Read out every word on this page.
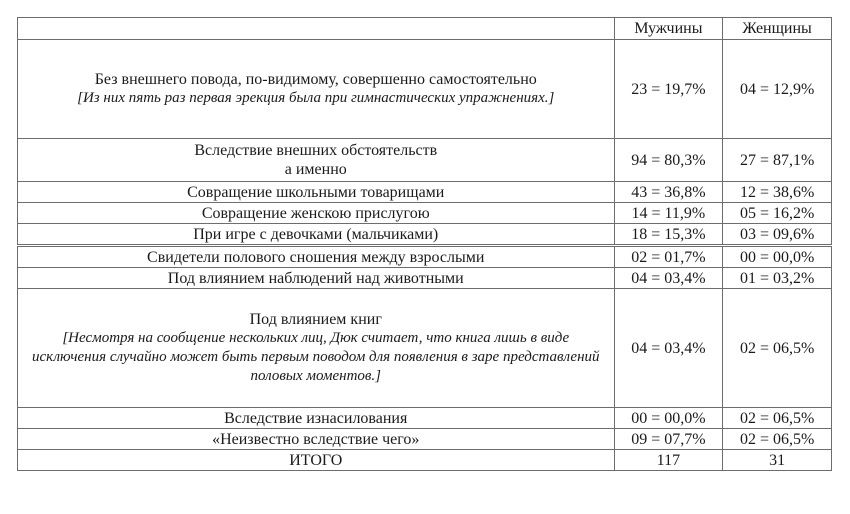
	Мужчины	Женщины

Без внешнего повода, по-видимому, совершенно самостоятельно
[Из них пять раз первая эрекция была при гимнастических упражнениях.]	23 = 19,7%	04 = 12,9%

Вследствие внешних обстоятельств
а именно	94 = 80,3%	27 = 87,1%
Совращение школьными товарищами	43 = 36,8%	12 = 38,6%
Совращение женскою прислугою	14 = 11,9%	05 = 16,2%
При игре с девочками (мальчиками)	18 = 15,3%	03 = 09,6%
Свидетели полового сношения между взрослыми	02 = 01,7%	00 = 00,0%
Под влиянием наблюдений над животными	04 = 03,4%	01 = 03,2%

Под влиянием книг
[Несмотря на сообщение нескольких лиц, Дюк считает, что книга лишь в виде исключения случайно может быть первым поводом для появления в заре представлений половых моментов.]	04 = 03,4%	02 = 06,5%
Вследствие изнасилования	00 = 00,0%	02 = 06,5%
«Неизвестно вследствие чего»	09 = 07,7%	02 = 06,5%
ИТОГО	117	31
